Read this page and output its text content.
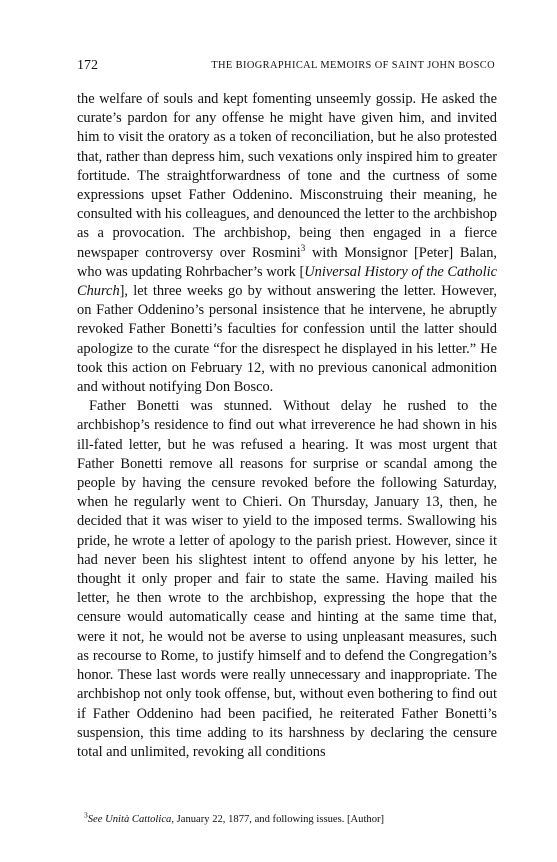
172	THE BIOGRAPHICAL MEMOIRS OF SAINT JOHN BOSCO

the welfare of souls and kept fomenting unseemly gossip. He asked the curate’s pardon for any offense he might have given him, and invited him to visit the oratory as a token of reconciliation, but he also protested that, rather than depress him, such vexations only inspired him to greater fortitude. The straightforwardness of tone and the curtness of some expressions upset Father Oddenino. Misconstruing their meaning, he consulted with his colleagues, and denounced the letter to the archbishop as a provocation. The archbishop, being then engaged in a fierce newspaper controversy over Rosmini$^3$ with Monsignor [Peter] Balan, who was updating Rohrbacher’s work [Universal History of the Catholic Church], let three weeks go by without answering the letter. However, on Father Oddenino’s personal insistence that he intervene, he abruptly revoked Father Bonetti’s faculties for confession until the latter should apologize to the curate “for the disrespect he displayed in his letter.” He took this action on February 12, with no previous canonical admonition and without notifying Don Bosco.

Father Bonetti was stunned. Without delay he rushed to the archbishop’s residence to find out what irreverence he had shown in his ill-fated letter, but he was refused a hearing. It was most urgent that Father Bonetti remove all reasons for surprise or scandal among the people by having the censure revoked before the following Saturday, when he regularly went to Chieri. On Thursday, January 13, then, he decided that it was wiser to yield to the imposed terms. Swallowing his pride, he wrote a letter of apology to the parish priest. However, since it had never been his slightest intent to offend anyone by his letter, he thought it only proper and fair to state the same. Having mailed his letter, he then wrote to the archbishop, expressing the hope that the censure would automatically cease and hinting at the same time that, were it not, he would not be averse to using unpleasant measures, such as recourse to Rome, to justify himself and to defend the Congregation’s honor. These last words were really unnecessary and inappropriate. The archbishop not only took offense, but, without even bothering to find out if Father Oddenino had been pacified, he reiterated Father Bonetti’s suspension, this time adding to its harshness by declaring the censure total and unlimited, revoking all conditions

$^3$See Unità Cattolica, January 22, 1877, and following issues. [Author]
